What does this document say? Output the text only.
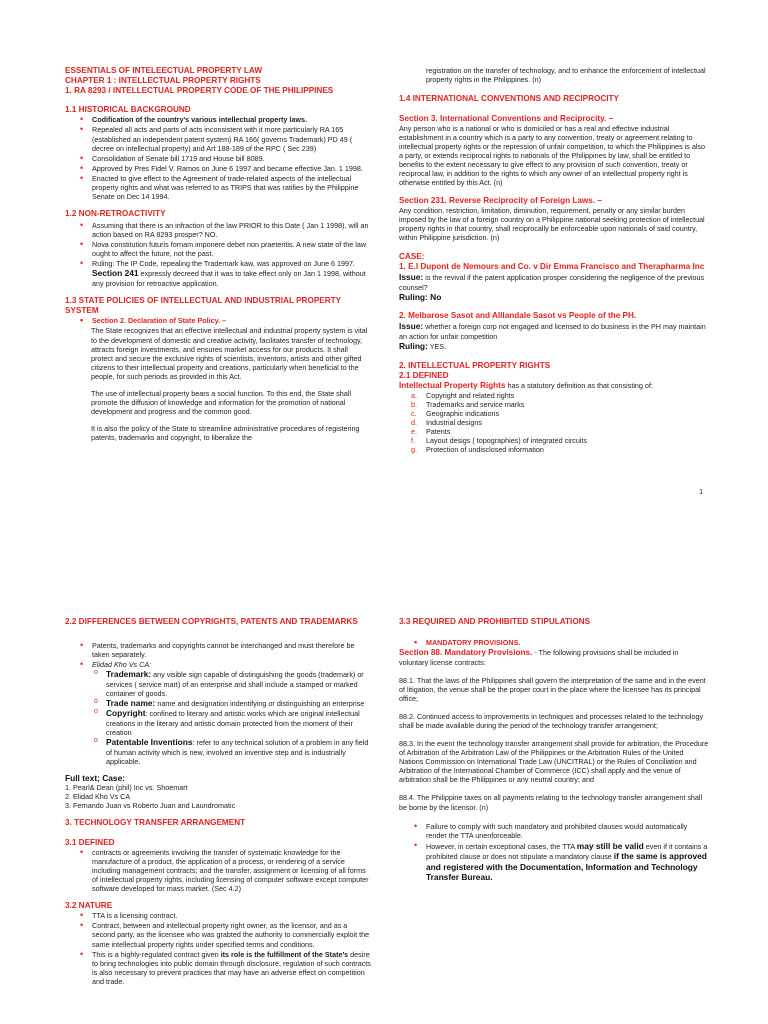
ESSENTIALS OF INTELEECTUAL PROPERTY LAW

CHAPTER 1 : INTELLECTUAL PROPERTY RIGHTS

1. RA 8293 / INTELLECTUAL PROPERTY CODE OF THE PHILIPPINES

1.1 HISTORICAL BACKGROUND

• Codification of the country’s various intellectual property laws.
• Repealed all acts and parts of acts inconsistent with it more particularly RA 165 (established an independent patent system) RA 166( governs Trademark) PD 49 ( decree on intellectual property) and Art 188-189 of the RPC ( Sec 239)
• Consolidation of Senate bill 1719 and House bill 8089.
• Approved by Pres Fidel V. Ramos on June 6 1997 and became effective Jan. 1 1998.
• Enacted to give effect to the Agreement of trade-related aspects of the intellectual property rights and what was referred to as TRIPS that was ratifies by the Philippine Senate on Dec 14 1994.

1.2 NON-RETROACTIVITY

• Assuming that there is an infraction of the law PRIOR to this Date ( Jan 1 1998), will an action based on RA 8293 prosper? NO.
• Nova constitution futuris fornam imponere debet non praeteritis. A new state of the law ought to affect the future, not the past.
• Ruling: The IP Code, repealing the Trademark kaw, was approved on June 6 1997. Section 241 expressly decreed that it was to take effect only on Jan 1 1998, without any provision for retroactive application.

1.3 STATE POLICIES OF INTELLECTUAL AND INDUSTRIAL PROPERTY SYSTEM

• Section 2. Declaration of State Policy. –

The State recognizes that an effective intellectual and industrial property system is vital to the development of domestic and creative activity, facilitates transfer of technology, attracts foreign investments, and ensures market access for our products. It shall protect and secure the exclusive rights of scientists, inventors, artists and other gifted citizens to their intellectual property and creations, particularly when beneficial to the people, for such periods as provided in this Act.

The use of intellectual property bears a social function. To this end, the State shall promote the diffusion of knowledge and information for the promotion of national development and progress and the common good.

It is also the policy of the State to streamline administrative procedures of registering patents, trademarks and copyright, to liberalize the

registration on the transfer of technology, and to enhance the enforcement of intellectual property rights in the Philippines. (n)

1.4 INTERNATIONAL CONVENTIONS AND RECIPROCITY

Section 3. International Conventions and Reciprocity. –

Any person who is a national or who is domiciled or has a real and effective industrial establishment in a country which is a party to any convention, treaty or agreement relating to intellectual property rights or the repression of unfair competition, to which the Philippines is also a party, or extends reciprocal rights to nationals of the Philippines by law, shall be entitled to benefits to the extent necessary to give effect to any provision of such convention, treaty or reciprocal law, in addition to the rights to which any owner of an intellectual property right is otherwise entitled by this Act. (n)

Section 231. Reverse Reciprocity of Foreign Laws. –

Any condition, restriction, limitation, diminution, requirement, penalty or any similar burden imposed by the law of a foreign country on a Philippine national seeking protection of intellectual property rights in that country, shall reciprocally be enforceable upon nationals of said country, within Philippine jurisdiction. (n)

CASE:

1. E.I Dupont de Nemours and Co. v Dir Emma Francisco and Therapharma Inc

Issue: is the revival if the patent application prosper considering the negligence of the previous counsel?

Ruling: No

2. Melbarose Sasot and Alllandale Sasot vs People of the PH.

Issue: whether a foreign corp not engaged and licensed to do business in the PH may maintain an action for unfair competition

Ruling: YES.

2. INTELLECTUAL PROPERTY RIGHTS

2.1 DEFINED

Intellectual Property Rights has a statutory definition as that consisting of:

a. Copyright and related rights
b. Trademarks and service marks
c. Geographic indications
d. Industrial designs
e. Patents
f. Layout desigs ( topographies) of integrated circuits
g. Protection of undisclosed information
1

2.2 DIFFERENCES BETWEEN COPYRIGHTS, PATENTS AND TRADEMARKS

• Patents, trademarks and copyrights cannot be interchanged and must therefore be taken separately.
• Elidad Kho Vs CA:
o Trademark: any visible sign capable of distinguishing the goods (trademark) or services ( service mart) of an enterprise and shall include a stamped or marked container of goods.
o Trade name: name and designation indentifying or distinguishing an enterprise
o Copyright: confined to literary and artistic works which are original intellectual creations in the literary and artistic domain protected from the moment of their creation
o Patentable Inventions: refer to any technical solution of a problem in any field of human activity which is new, involved an inventive step and is industrially applicable.

Full text; Case:

1. Pearl& Dean (phil) Inc vs. Shoemart

2. Elidad Kho Vs CA

3. Fernando Juan vs Roberto Juan and Laundromatic

3. TECHNOLOGY TRANSFER ARRANGEMENT

3.1 DEFINED

• contracts or agreements involving the transfer of systematic knowledge for the manufacture of a product, the application of a process, or rendering of a service including management contracts; and the transfer, assignment or licensing of all forms of intellectual property rights, including licensing of computer software except computer software developed for mass market. (Sec 4.2)

3.2 NATURE

• TTA is a licensing contract.
• Contract, between and intellectual property right owner, as the licensor, and as a second party, as the licensee who was grabted the authority to commercially exploit the same intellectual property rights under specified terms and conditions.
• This is a highly-regulated contract given its role is the fulfillment of the State’s desire to bring technologies into public domain through disclosure, regulation of such contracts is also necessary to prevent practices that may have an adverse effect on competition and trade.

3.3 REQUIRED AND PROHIBITED STIPULATIONS

• MANDATORY PROVISIONS.

Section 88. Mandatory Provisions. - The following provisions shall be included in voluntary license contracts:

88.1. That the laws of the Philippines shall govern the interpretation of the same and in the event of litigation, the venue shall be the proper court in the place where the licensee has its principal office;

88.2. Continued access to improvements in techniques and processes related to the technology shall be made available during the period of the technology transfer arrangement;

88.3. In the event the technology transfer arrangement shall provide for arbitration, the Procedure of Arbitration of the Arbitration Law of the Philippines or the Arbitration Rules of the United Nations Commission on International Trade Law (UNCITRAL) or the Rules of Conciliation and Arbitration of the International Chamber of Commerce (ICC) shall apply and the venue of arbitration shall be the Philippines or any neutral country; and

88.4. The Philippine taxes on all payments relating to the technology transfer arrangement shall be borne by the licensor. (n)

• Failure to comply with such mandatory and prohibited clauses would automatically render the TTA unenforceable.
• However, in certain exceptional cases, the TTA may still be valid even if it contains a prohibited clause or does not stipulate a mandatory clause if the same is approved and registered with the Documentation, Information and Technology Transfer Bureau.
